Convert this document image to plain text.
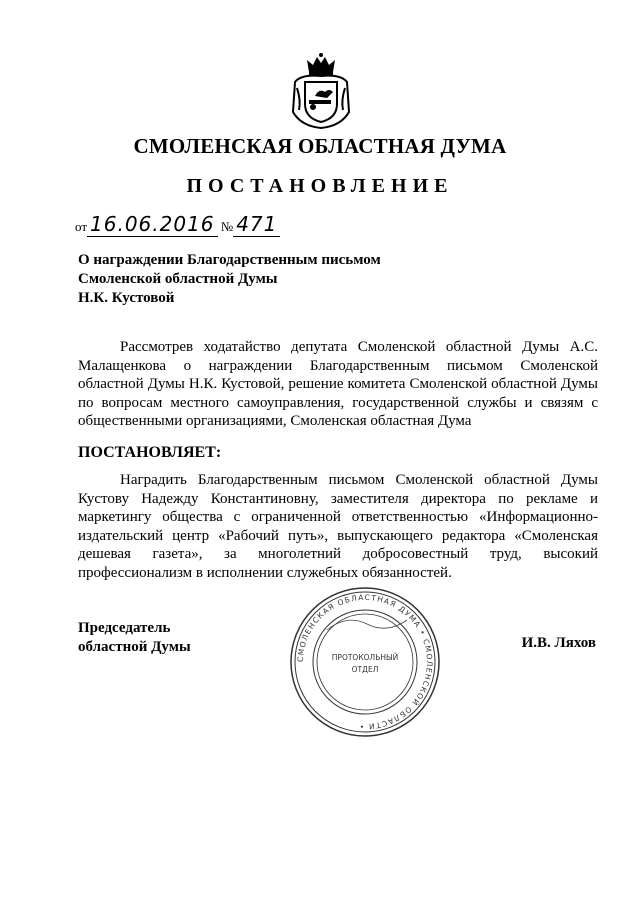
СМОЛЕНСКАЯ ОБЛАСТНАЯ ДУМА
ПОСТАНОВЛЕНИЕ
от 16.06.2016 № 471
О награждении Благодарственным письмом
Смоленской областной Думы
Н.К. Кустовой
Рассмотрев ходатайство депутата Смоленской областной Думы А.С. Малащенкова о награждении Благодарственным письмом Смоленской областной Думы Н.К. Кустовой, решение комитета Смоленской областной Думы по вопросам местного самоуправления, государственной службы и связям с общественными организациями, Смоленская областная Дума
ПОСТАНОВЛЯЕТ:
Наградить Благодарственным письмом Смоленской областной Думы Кустову Надежду Константиновну, заместителя директора по рекламе и маркетингу общества с ограниченной ответственностью «Информационно-издательский центр «Рабочий путь», выпускающего редактора «Смоленская дешевая газета», за многолетний добросовестный труд, высокий профессионализм в исполнении служебных обязанностей.
Председатель
областной Думы	И.В. Ляхов
СМОЛЕНСКАЯ ОБЛАСТНАЯ ДУМА • СМОЛЕНСКОЙ ОБЛАСТИ •
ПРОТОКОЛЬНЫЙ
ОТДЕЛ
